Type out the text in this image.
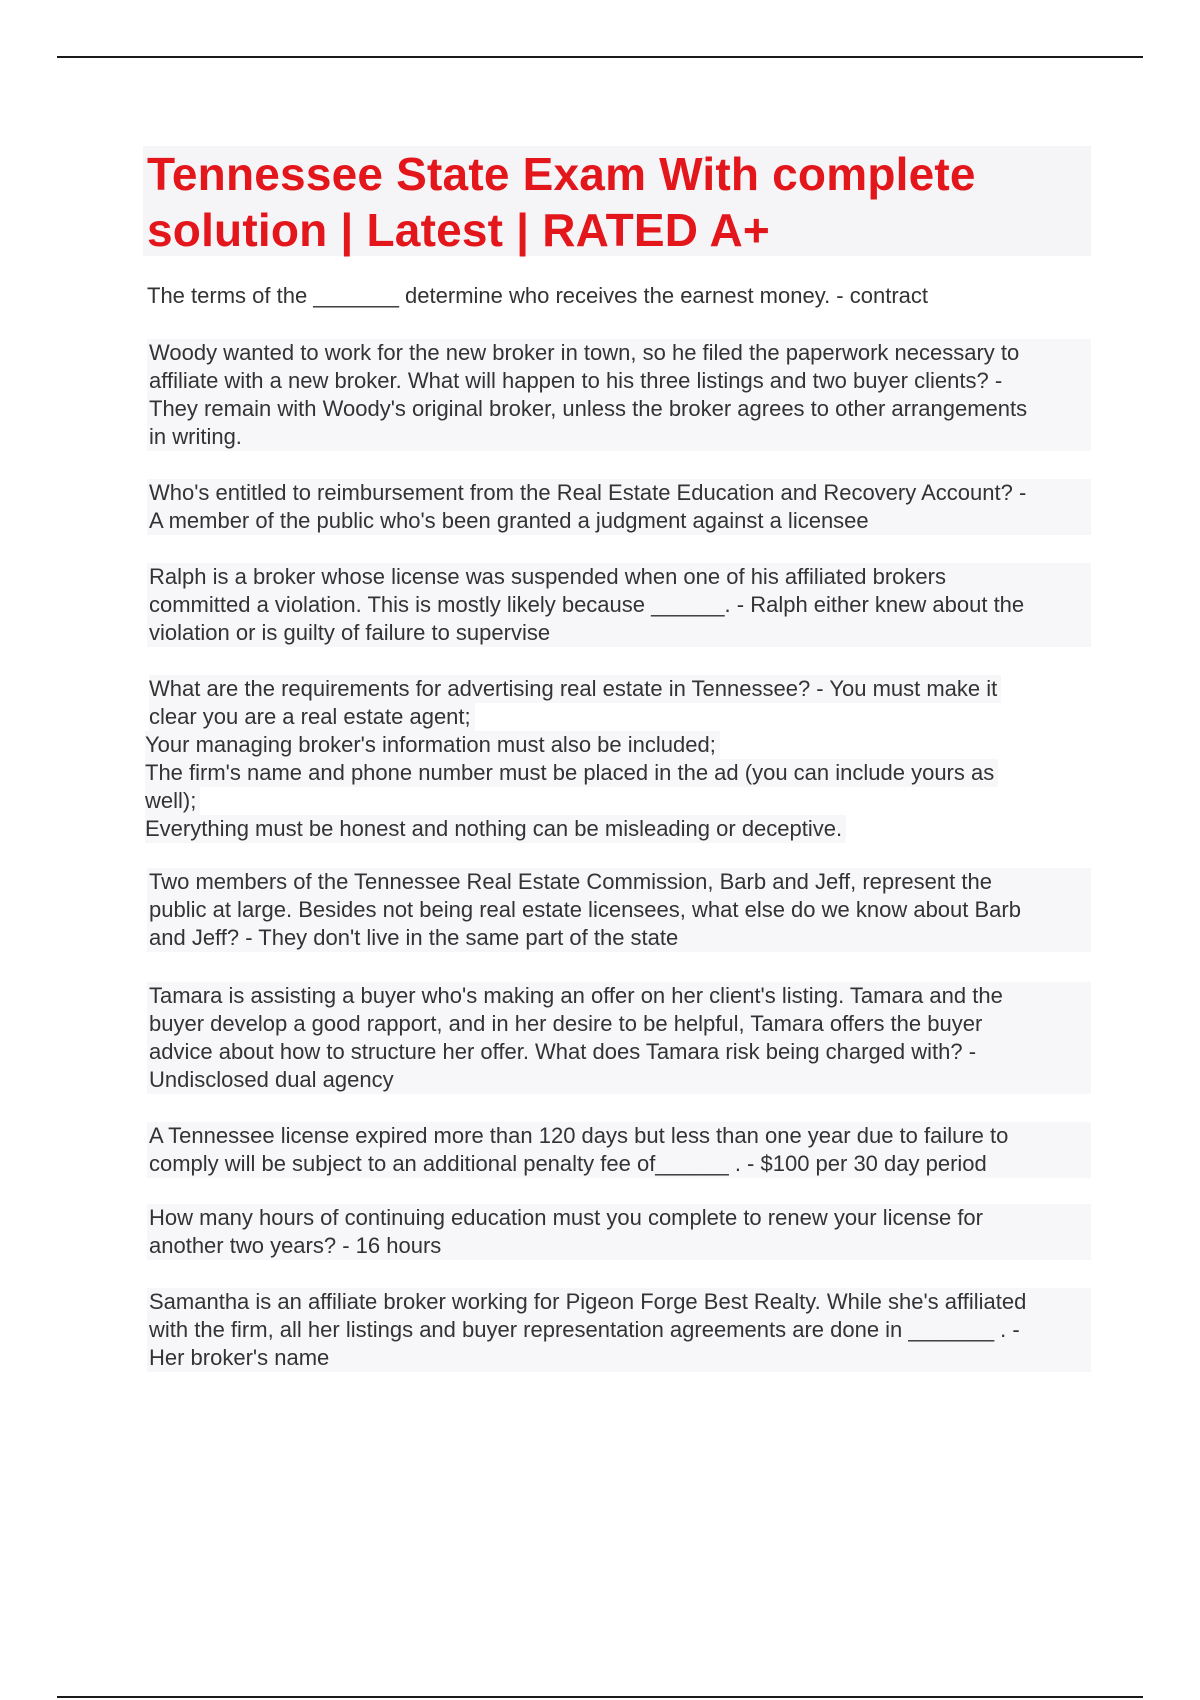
Tennessee State Exam With complete
solution | Latest | RATED A+
The terms of the _______ determine who receives the earnest money. - contract
Woody wanted to work for the new broker in town, so he filed the paperwork necessary to
affiliate with a new broker. What will happen to his three listings and two buyer clients? -
They remain with Woody's original broker, unless the broker agrees to other arrangements
in writing.
Who's entitled to reimbursement from the Real Estate Education and Recovery Account? -
A member of the public who's been granted a judgment against a licensee
Ralph is a broker whose license was suspended when one of his affiliated brokers
committed a violation. This is mostly likely because ______. - Ralph either knew about the
violation or is guilty of failure to supervise
What are the requirements for advertising real estate in Tennessee? - You must make it
clear you are a real estate agent;
Your managing broker's information must also be included;
The firm's name and phone number must be placed in the ad (you can include yours as
well);
Everything must be honest and nothing can be misleading or deceptive.
Two members of the Tennessee Real Estate Commission, Barb and Jeff, represent the
public at large. Besides not being real estate licensees, what else do we know about Barb
and Jeff? - They don't live in the same part of the state
Tamara is assisting a buyer who's making an offer on her client's listing. Tamara and the
buyer develop a good rapport, and in her desire to be helpful, Tamara offers the buyer
advice about how to structure her offer. What does Tamara risk being charged with? -
Undisclosed dual agency
A Tennessee license expired more than 120 days but less than one year due to failure to
comply will be subject to an additional penalty fee of______ . - $100 per 30 day period
How many hours of continuing education must you complete to renew your license for
another two years? - 16 hours
Samantha is an affiliate broker working for Pigeon Forge Best Realty. While she's affiliated
with the firm, all her listings and buyer representation agreements are done in _______ . -
Her broker's name
